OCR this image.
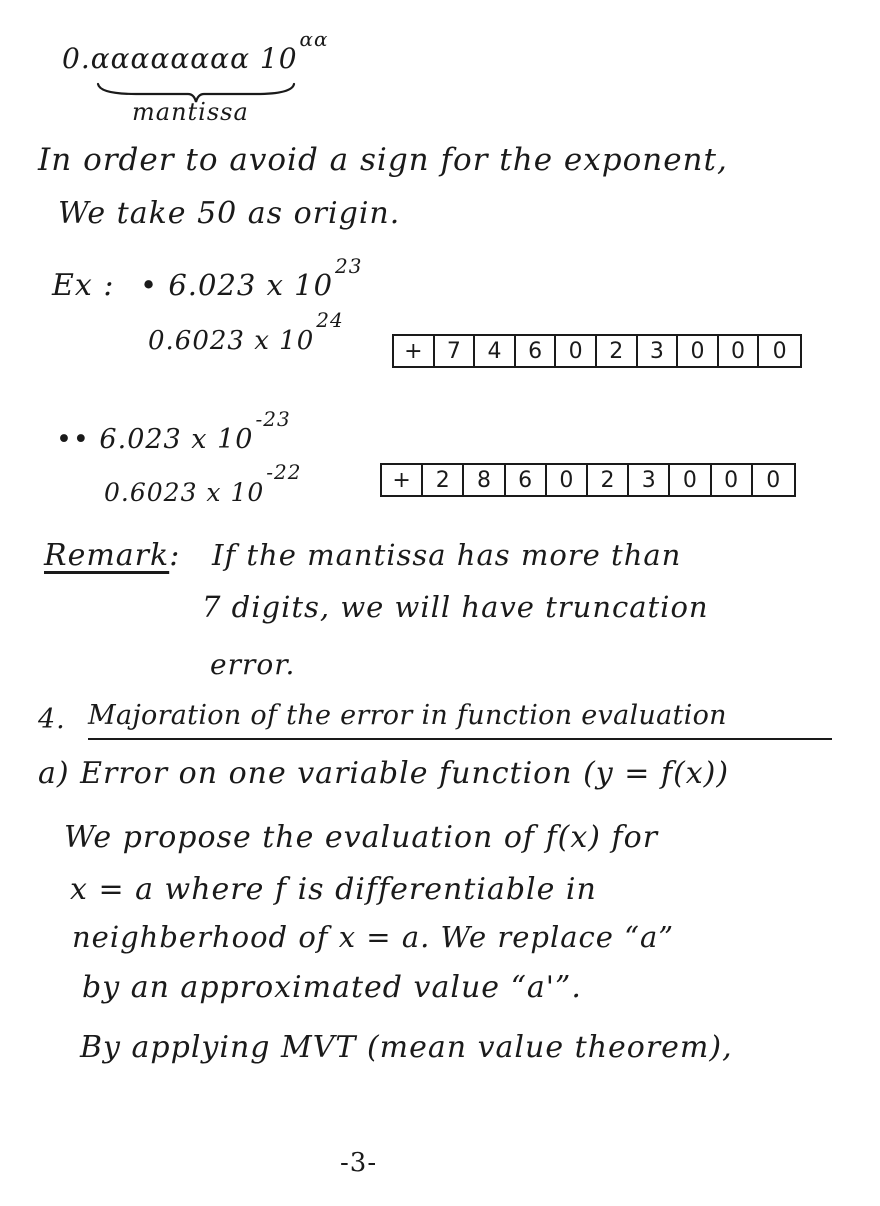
0.αααααααα $10^{\alpha\alpha}$
mantissa
In order to avoid a sign for the exponent,
We take 50 as origin.
Ex : • 6.023 x $10^{23}$
0.6023 x $10^{24}$
+	7	4	6	0	2	3	0	0	0
•• 6.023 x $10^{-23}$
0.6023 x $10^{-22}$	+	2	8	6	0	2	3	0	0	0
Remark: If the mantissa has more than
7 digits, we will have truncation
error.
4. Majoration of the error in function evaluation
a) Error on one variable function (y = f(x))
We propose the evaluation of f(x) for
x = a where f is differentiable in
neighberhood of x = a. We replace “a”
by an approximated value “a'”.
By applying MVT (mean value theorem),
-3-
